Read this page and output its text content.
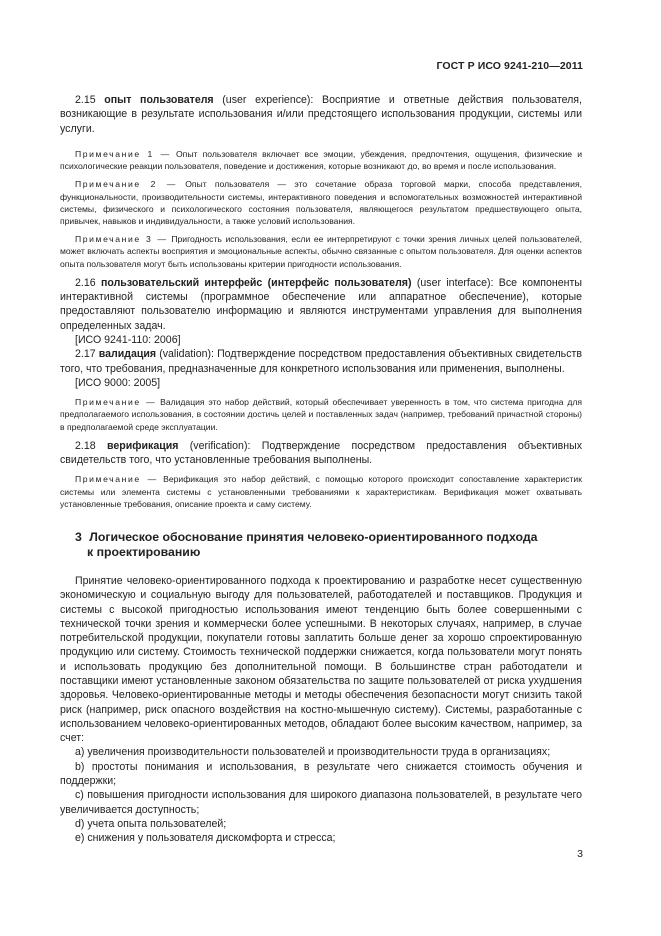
ГОСТ Р ИСО 9241-210—2011

2.15 опыт пользователя (user experience): Восприятие и ответные действия пользователя, возникающие в результате использования и/или предстоящего использования продукции, системы или услуги.

Примечание 1 — Опыт пользователя включает все эмоции, убеждения, предпочтения, ощущения, физические и психологические реакции пользователя, поведение и достижения, которые возникают до, во время и после использования.

Примечание 2 — Опыт пользователя — это сочетание образа торговой марки, способа представления, функциональности, производительности системы, интерактивного поведения и вспомогательных возможностей интерактивной системы, физического и психологического состояния пользователя, являющегося результатом предшествующего опыта, привычек, навыков и индивидуальности, а также условий использования.

Примечание 3 — Пригодность использования, если ее интерпретируют с точки зрения личных целей пользователей, может включать аспекты восприятия и эмоциональные аспекты, обычно связанные с опытом пользователя. Для оценки аспектов опыта пользователя могут быть использованы критерии пригодности использования.

2.16 пользовательский интерфейс (интерфейс пользователя) (user interface): Все компоненты интерактивной системы (программное обеспечение или аппаратное обеспечение), которые предоставляют пользователю информацию и являются инструментами управления для выполнения определенных задач.

[ИСО 9241-110: 2006]

2.17 валидация (validation): Подтверждение посредством предоставления объективных свидетельств того, что требования, предназначенные для конкретного использования или применения, выполнены.

[ИСО 9000: 2005]

Примечание — Валидация это набор действий, который обеспечивает уверенность в том, что система пригодна для предполагаемого использования, в состоянии достичь целей и поставленных задач (например, требований причастной стороны) в предполагаемой среде эксплуатации.

2.18 верификация (verification): Подтверждение посредством предоставления объективных свидетельств того, что установленные требования выполнены.

Примечание — Верификация это набор действий, с помощью которого происходит сопоставление характеристик системы или элемента системы с установленными требованиями к характеристикам. Верификация может охватывать установленные требования, описание проекта и саму систему.

3 Логическое обоснование принятия человеко-ориентированного подхода
к проектированию

Принятие человеко-ориентированного подхода к проектированию и разработке несет существенную экономическую и социальную выгоду для пользователей, работодателей и поставщиков. Продукция и системы с высокой пригодностью использования имеют тенденцию быть более совершенными с технической точки зрения и коммерчески более успешными. В некоторых случаях, например, в случае потребительской продукции, покупатели готовы заплатить больше денег за хорошо спроектированную продукцию или систему. Стоимость технической поддержки снижается, когда пользователи могут понять и использовать продукцию без дополнительной помощи. В большинстве стран работодатели и поставщики имеют установленные законом обязательства по защите пользователей от риска ухудшения здоровья. Человеко-ориентированные методы и методы обеспечения безопасности могут снизить такой риск (например, риск опасного воздействия на костно-мышечную систему). Системы, разработанные с использованием человеко-ориентированных методов, обладают более высоким качеством, например, за счет:

а) увеличения производительности пользователей и производительности труда в организациях;

b) простоты понимания и использования, в результате чего снижается стоимость обучения и поддержки;

с) повышения пригодности использования для широкого диапазона пользователей, в результате чего увеличивается доступность;

d) учета опыта пользователей;

е) снижения у пользователя дискомфорта и стресса;

3
